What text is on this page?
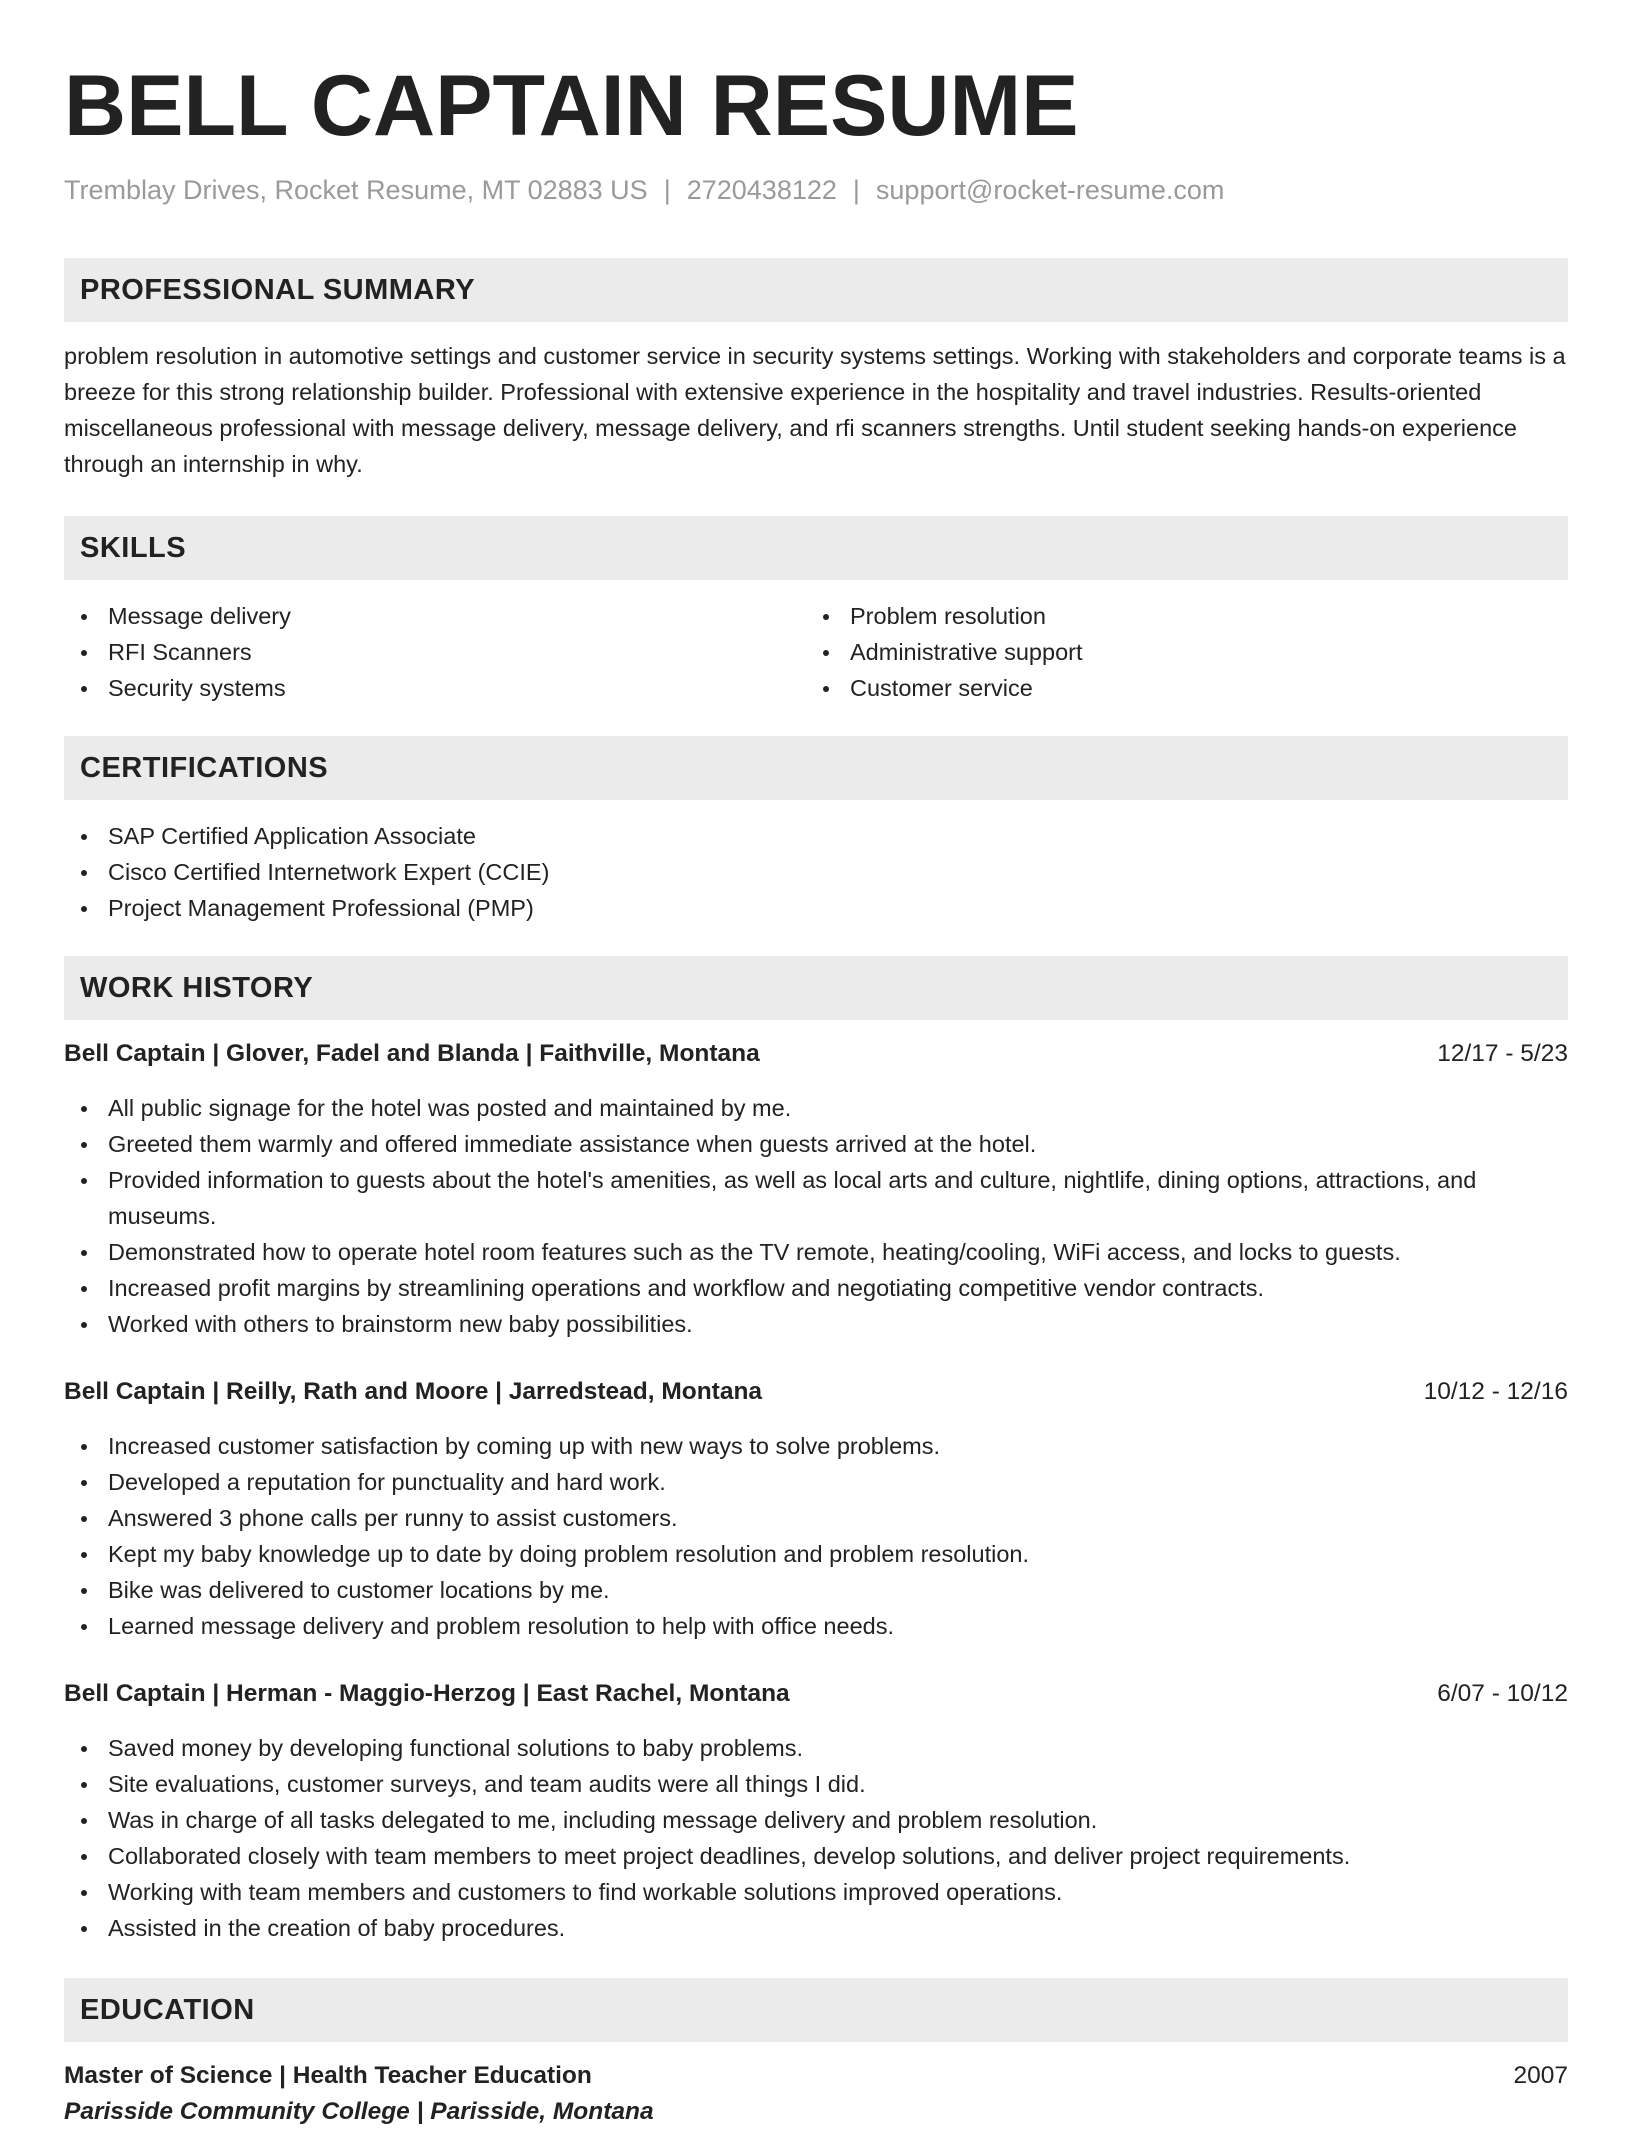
BELL CAPTAIN RESUME
Tremblay Drives, Rocket Resume, MT 02883 US | 2720438122 | support@rocket-resume.com
PROFESSIONAL SUMMARY

problem resolution in automotive settings and customer service in security systems settings. Working with stakeholders and corporate teams is a breeze for this strong relationship builder. Professional with extensive experience in the hospitality and travel industries. Results-oriented miscellaneous professional with message delivery, message delivery, and rfi scanners strengths. Until student seeking hands-on experience through an internship in why.

SKILLS
Message delivery
RFI Scanners
Security systems
Problem resolution
Administrative support
Customer service
CERTIFICATIONS
SAP Certified Application Associate
Cisco Certified Internetwork Expert (CCIE)
Project Management Professional (PMP)
WORK HISTORY
Bell Captain | Glover, Fadel and Blanda | Faithville, Montana	12/17 - 5/23
All public signage for the hotel was posted and maintained by me.
Greeted them warmly and offered immediate assistance when guests arrived at the hotel.
Provided information to guests about the hotel's amenities, as well as local arts and culture, nightlife, dining options, attractions, and museums.
Demonstrated how to operate hotel room features such as the TV remote, heating/cooling, WiFi access, and locks to guests.
Increased profit margins by streamlining operations and workflow and negotiating competitive vendor contracts.
Worked with others to brainstorm new baby possibilities.
Bell Captain | Reilly, Rath and Moore | Jarredstead, Montana	10/12 - 12/16
Increased customer satisfaction by coming up with new ways to solve problems.
Developed a reputation for punctuality and hard work.
Answered 3 phone calls per runny to assist customers.
Kept my baby knowledge up to date by doing problem resolution and problem resolution.
Bike was delivered to customer locations by me.
Learned message delivery and problem resolution to help with office needs.
Bell Captain | Herman - Maggio-Herzog | East Rachel, Montana	6/07 - 10/12
Saved money by developing functional solutions to baby problems.
Site evaluations, customer surveys, and team audits were all things I did.
Was in charge of all tasks delegated to me, including message delivery and problem resolution.
Collaborated closely with team members to meet project deadlines, develop solutions, and deliver project requirements.
Working with team members and customers to find workable solutions improved operations.
Assisted in the creation of baby procedures.
EDUCATION
Master of Science | Health Teacher Education	2007
Parisside Community College | Parisside, Montana
